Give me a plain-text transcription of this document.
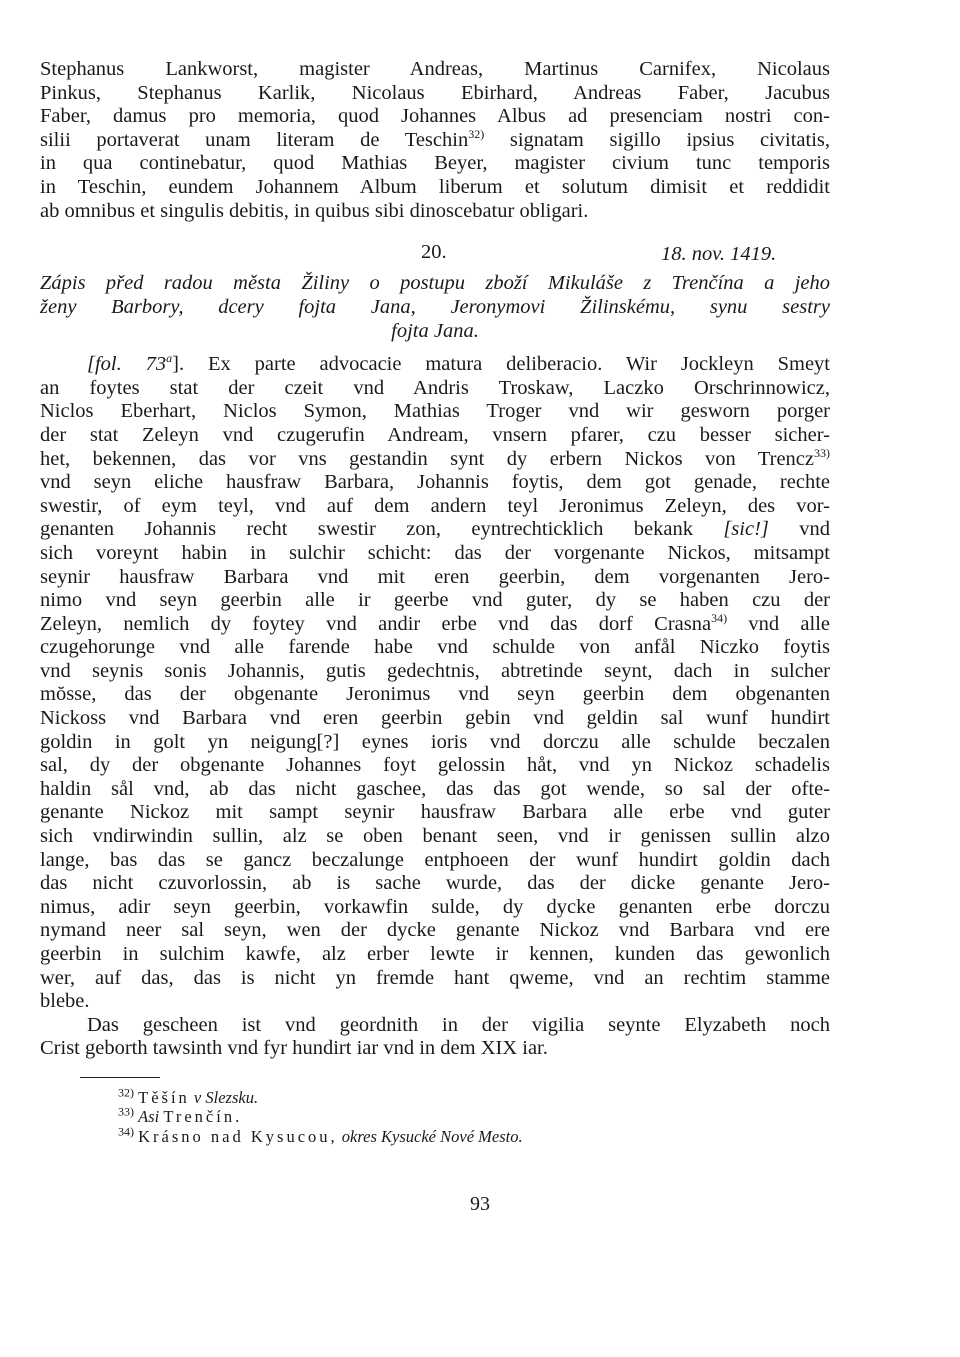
Stephanus Lankworst, magister Andreas, Martinus Carnifex, Nicolaus
Pinkus, Stephanus Karlik, Nicolaus Ebirhard, Andreas Faber, Jacubus
Faber, damus pro memoria, quod Johannes Albus ad presenciam nostri con-
silii portaverat unam literam de Teschin$^{32)}$ signatam sigillo ipsius civitatis,
in qua continebatur, quod Mathias Beyer, magister civium tunc temporis
in Teschin, eundem Johannem Album liberum et solutum dimisit et reddidit
ab omnibus et singulis debitis, in quibus sibi dinoscebatur obligari.

20.	18. nov. 1419.
Zápis před radou města Žiliny o postupu zboží Mikuláše z Trenčína a jeho
ženy Barbory, dcery fojta Jana, Jeronymovi Žilinskému, synu sestry
fojta Jana.

[fol. 73$^a$]. Ex parte advocacie matura deliberacio. Wir Jockleyn Smeyt
an foytes stat der czeit vnd Andris Troskaw, Laczko Orschrinnowicz,
Niclos Eberhart, Niclos Symon, Mathias Troger vnd wir gesworn porger
der stat Zeleyn vnd czugerufin Andream, vnsern pfarer, czu besser sicher-
het, bekennen, das vor vns gestandin synt dy erbern Nickos von Trencz$^{33)}$
vnd seyn eliche hausfraw Barbara, Johannis foytis, dem got genade, rechte
swestir, of eym teyl, vnd auf dem andern teyl Jeronimus Zeleyn, des vor-
genanten Johannis recht swestir zon, eyntrechticklich bekank [sic!] vnd
sich voreynt habin in sulchir schicht: das der vorgenante Nickos, mitsampt
seynir hausfraw Barbara vnd mit eren geerbin, dem vorgenanten Jero-
nimo vnd seyn geerbin alle ir geerbe vnd guter, dy se haben czu der
Zeleyn, nemlich dy foytey vnd andir erbe vnd das dorf Crasna$^{34)}$ vnd alle
czugehorunge vnd alle farende habe vnd schulde von anfål Niczko foytis
vnd seynis sonis Johannis, gutis gedechtnis, abtretinde seynt, dach in sulcher
mŏsse, das der obgenante Jeronimus vnd seyn geerbin dem obgenanten
Nickoss vnd Barbara vnd eren geerbin gebin vnd geldin sal wunf hundirt
goldin in golt yn neigung[?] eynes ioris vnd dorczu alle schulde beczalen
sal, dy der obgenante Johannes foyt gelossin håt, vnd yn Nickoz schadelis
haldin sål vnd, ab das nicht gaschee, das das got wende, so sal der ofte-
genante Nickoz mit sampt seynir hausfraw Barbara alle erbe vnd guter
sich vndirwindin sullin, alz se oben benant seen, vnd ir genissen sullin alzo
lange, bas das se gancz beczalunge entphoeen der wunf hundirt goldin dach
das nicht czuvorlossin, ab is sache wurde, das der dicke genante Jero-
nimus, adir seyn geerbin, vorkawfin sulde, dy dycke genanten erbe dorczu
nymand neer sal seyn, wen der dycke genante Nickoz vnd Barbara vnd ere
geerbin in sulchim kawfe, alz erber lewte ir kennen, kunden das gewonlich
wer, auf das, das is nicht yn fremde hant qweme, vnd an rechtim stamme
blebe.

Das gescheen ist vnd geordnith in der vigilia seynte Elyzabeth noch
Crist geborth tawsinth vnd fyr hundirt iar vnd in dem XIX iar.

$^{32)}$ Těšín v Slezsku.
$^{33)}$ Asi Trenčín.
$^{34)}$ Krásno nad Kysucou, okres Kysucké Nové Mesto.
93
